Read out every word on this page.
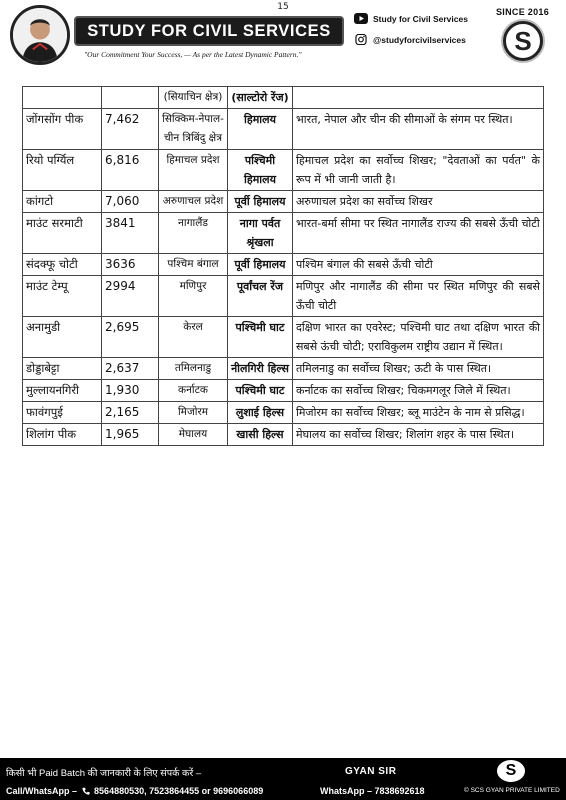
15
STUDY FOR CIVIL SERVICES
"Our Commitment Your Success, — As per the Latest Dynamic Pattern."
Study for Civil Services
@studyforcivilservices
SINCE 2016
S
		(सियाचिन क्षेत्र)	(साल्टोरो रेंज)	
जोंगसोंग पीक	7,462	सिक्किम-नेपाल-चीन त्रिबिंदु क्षेत्र	हिमालय	भारत, नेपाल और चीन की सीमाओं के संगम पर स्थित।
रियो पर्ग्यिल	6,816	हिमाचल प्रदेश	पश्चिमी हिमालय	हिमाचल प्रदेश का सर्वोच्च शिखर; "देवताओं का पर्वत" के रूप में भी जानी जाती है।
कांगटो	7,060	अरुणाचल प्रदेश	पूर्वी हिमालय	अरुणाचल प्रदेश का सर्वोच्च शिखर
माउंट सरमाटी	3841	नागालैंड	नागा पर्वत श्रृंखला	भारत-बर्मा सीमा पर स्थित नागालैंड राज्य की सबसे ऊँची चोटी
संदक्फू चोटी	3636	पश्चिम बंगाल	पूर्वी हिमालय	पश्चिम बंगाल की सबसे ऊँची चोटी
माउंट टेम्पू	2994	मणिपुर	पूर्वांचल रेंज	मणिपुर और नागालैंड की सीमा पर स्थित मणिपुर की सबसे ऊँची चोटी
अनामुडी	2,695	केरल	पश्चिमी घाट	दक्षिण भारत का एवरेस्ट; पश्चिमी घाट तथा दक्षिण भारत की सबसे ऊंची चोटी; एराविकुलम राष्ट्रीय उद्यान में स्थित।
डोड्डाबेट्टा	2,637	तमिलनाडु	नीलगिरी हिल्स	तमिलनाडु का सर्वोच्च शिखर; ऊटी के पास स्थित।
मुल्लायनगिरी	1,930	कर्नाटक	पश्चिमी घाट	कर्नाटक का सर्वोच्च शिखर; चिकमगलूर जिले में स्थित।
फावंगपुई	2,165	मिजोरम	लुशाई हिल्स	मिजोरम का सर्वोच्च शिखर; ब्लू माउंटेन के नाम से प्रसिद्ध।
शिलांग पीक	1,965	मेघालय	खासी हिल्स	मेघालय का सर्वोच्च शिखर; शिलांग शहर के पास स्थित।
किसी भी Paid Batch की जानकारी के लिए संपर्क करें –
Call/WhatsApp – 8564880530, 7523864455 or 9696066089
GYAN SIR
WhatsApp – 7838692618
S
© SCS GYAN PRIVATE LIMITED
